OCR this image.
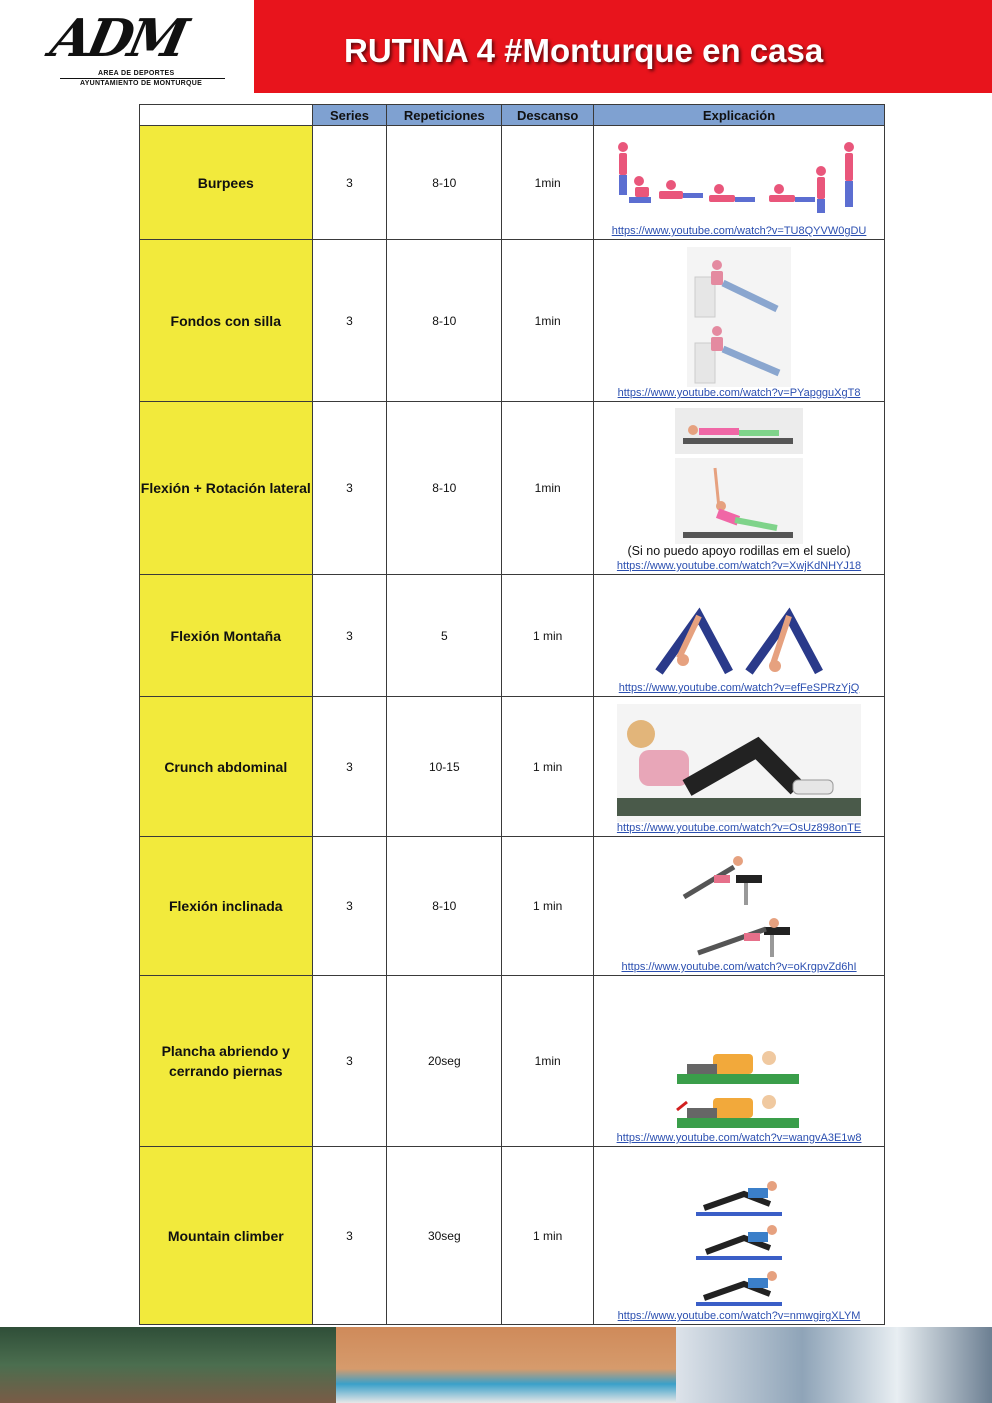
ADM
AREA DE DEPORTES
AYUNTAMIENTO DE MONTURQUE
RUTINA 4 #Monturque en casa
	Series	Repeticiones	Descanso	Explicación
Burpees	3	8-10	1min	https://www.youtube.com/watch?v=TU8QYVW0gDU

Fondos con silla	3	8-10	1min	https://www.youtube.com/watch?v=PYapgguXgT8

Flexión + Rotación lateral	3	8-10	1min	(Si no puedo apoyo rodillas em el suelo)
https://www.youtube.com/watch?v=XwjKdNHYJ18

Flexión Montaña	3	5	1 min	https://www.youtube.com/watch?v=efFeSPRzYjQ

Crunch abdominal	3	10-15	1 min	https://www.youtube.com/watch?v=OsUz898onTE

Flexión inclinada	3	8-10	1 min	https://www.youtube.com/watch?v=oKrgpvZd6hI

Plancha abriendo y cerrando piernas	3	20seg	1min	https://www.youtube.com/watch?v=wangvA3E1w8

Mountain climber	3	30seg	1 min	https://www.youtube.com/watch?v=nmwgirgXLYM
